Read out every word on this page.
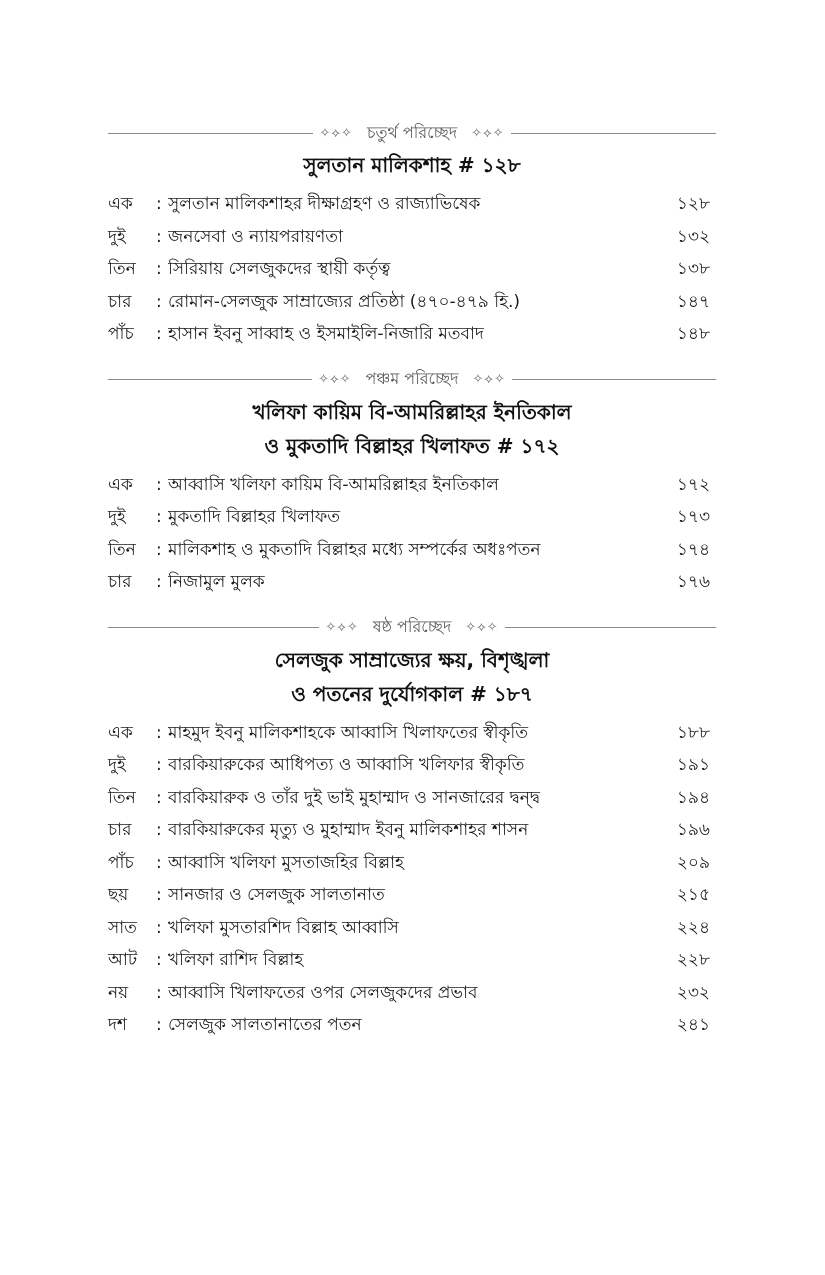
✧⟡✧ চতুর্থ পরিচ্ছেদ	✧⟡✧
সুলতান মালিকশাহ # ১২৮
এক	: সুলতান মালিকশাহর দীক্ষাগ্রহণ ও রাজ্যাভিষেক	১২৮
দুই	: জনসেবা ও ন্যায়পরায়ণতা	১৩২
তিন	: সিরিয়ায় সেলজুকদের স্থায়ী কর্তৃত্ব	১৩৮
চার	: রোমান-সেলজুক সাম্রাজ্যের প্রতিষ্ঠা (৪৭০-৪৭৯ হি.)	১৪৭
পাঁচ	: হাসান ইবনু সাব্বাহ ও ইসমাইলি-নিজারি মতবাদ	১৪৮
✧⟡✧ পঞ্চম পরিচ্ছেদ	✧⟡✧
খলিফা কায়িম বি-আমরিল্লাহর ইনতিকাল
ও মুকতাদি বিল্লাহর খিলাফত # ১৭২
এক	: আব্বাসি খলিফা কায়িম বি-আমরিল্লাহর ইনতিকাল	১৭২
দুই	: মুকতাদি বিল্লাহর খিলাফত	১৭৩
তিন	: মালিকশাহ ও মুকতাদি বিল্লাহর মধ্যে সম্পর্কের অধঃপতন	১৭৪
চার	: নিজামুল মুলক	১৭৬
✧⟡✧ ষষ্ঠ পরিচ্ছেদ	✧⟡✧
সেলজুক সাম্রাজ্যের ক্ষয়, বিশৃঙ্খলা
ও পতনের দুর্যোগকাল # ১৮৭
এক	: মাহমুদ ইবনু মালিকশাহকে আব্বাসি খিলাফতের স্বীকৃতি	১৮৮
দুই	: বারকিয়ারুকের আধিপত্য ও আব্বাসি খলিফার স্বীকৃতি	১৯১
তিন	: বারকিয়ারুক ও তাঁর দুই ভাই মুহাম্মাদ ও সানজারের দ্বন্দ্ব	১৯৪
চার	: বারকিয়ারুকের মৃত্যু ও মুহাম্মাদ ইবনু মালিকশাহর শাসন	১৯৬
পাঁচ	: আব্বাসি খলিফা মুসতাজহির বিল্লাহ	২০৯
ছয়	: সানজার ও সেলজুক সালতানাত	২১৫
সাত	: খলিফা মুসতারশিদ বিল্লাহ আব্বাসি	২২৪
আট	: খলিফা রাশিদ বিল্লাহ	২২৮
নয়	: আব্বাসি খিলাফতের ওপর সেলজুকদের প্রভাব	২৩২
দশ	: সেলজুক সালতানাতের পতন	২৪১
